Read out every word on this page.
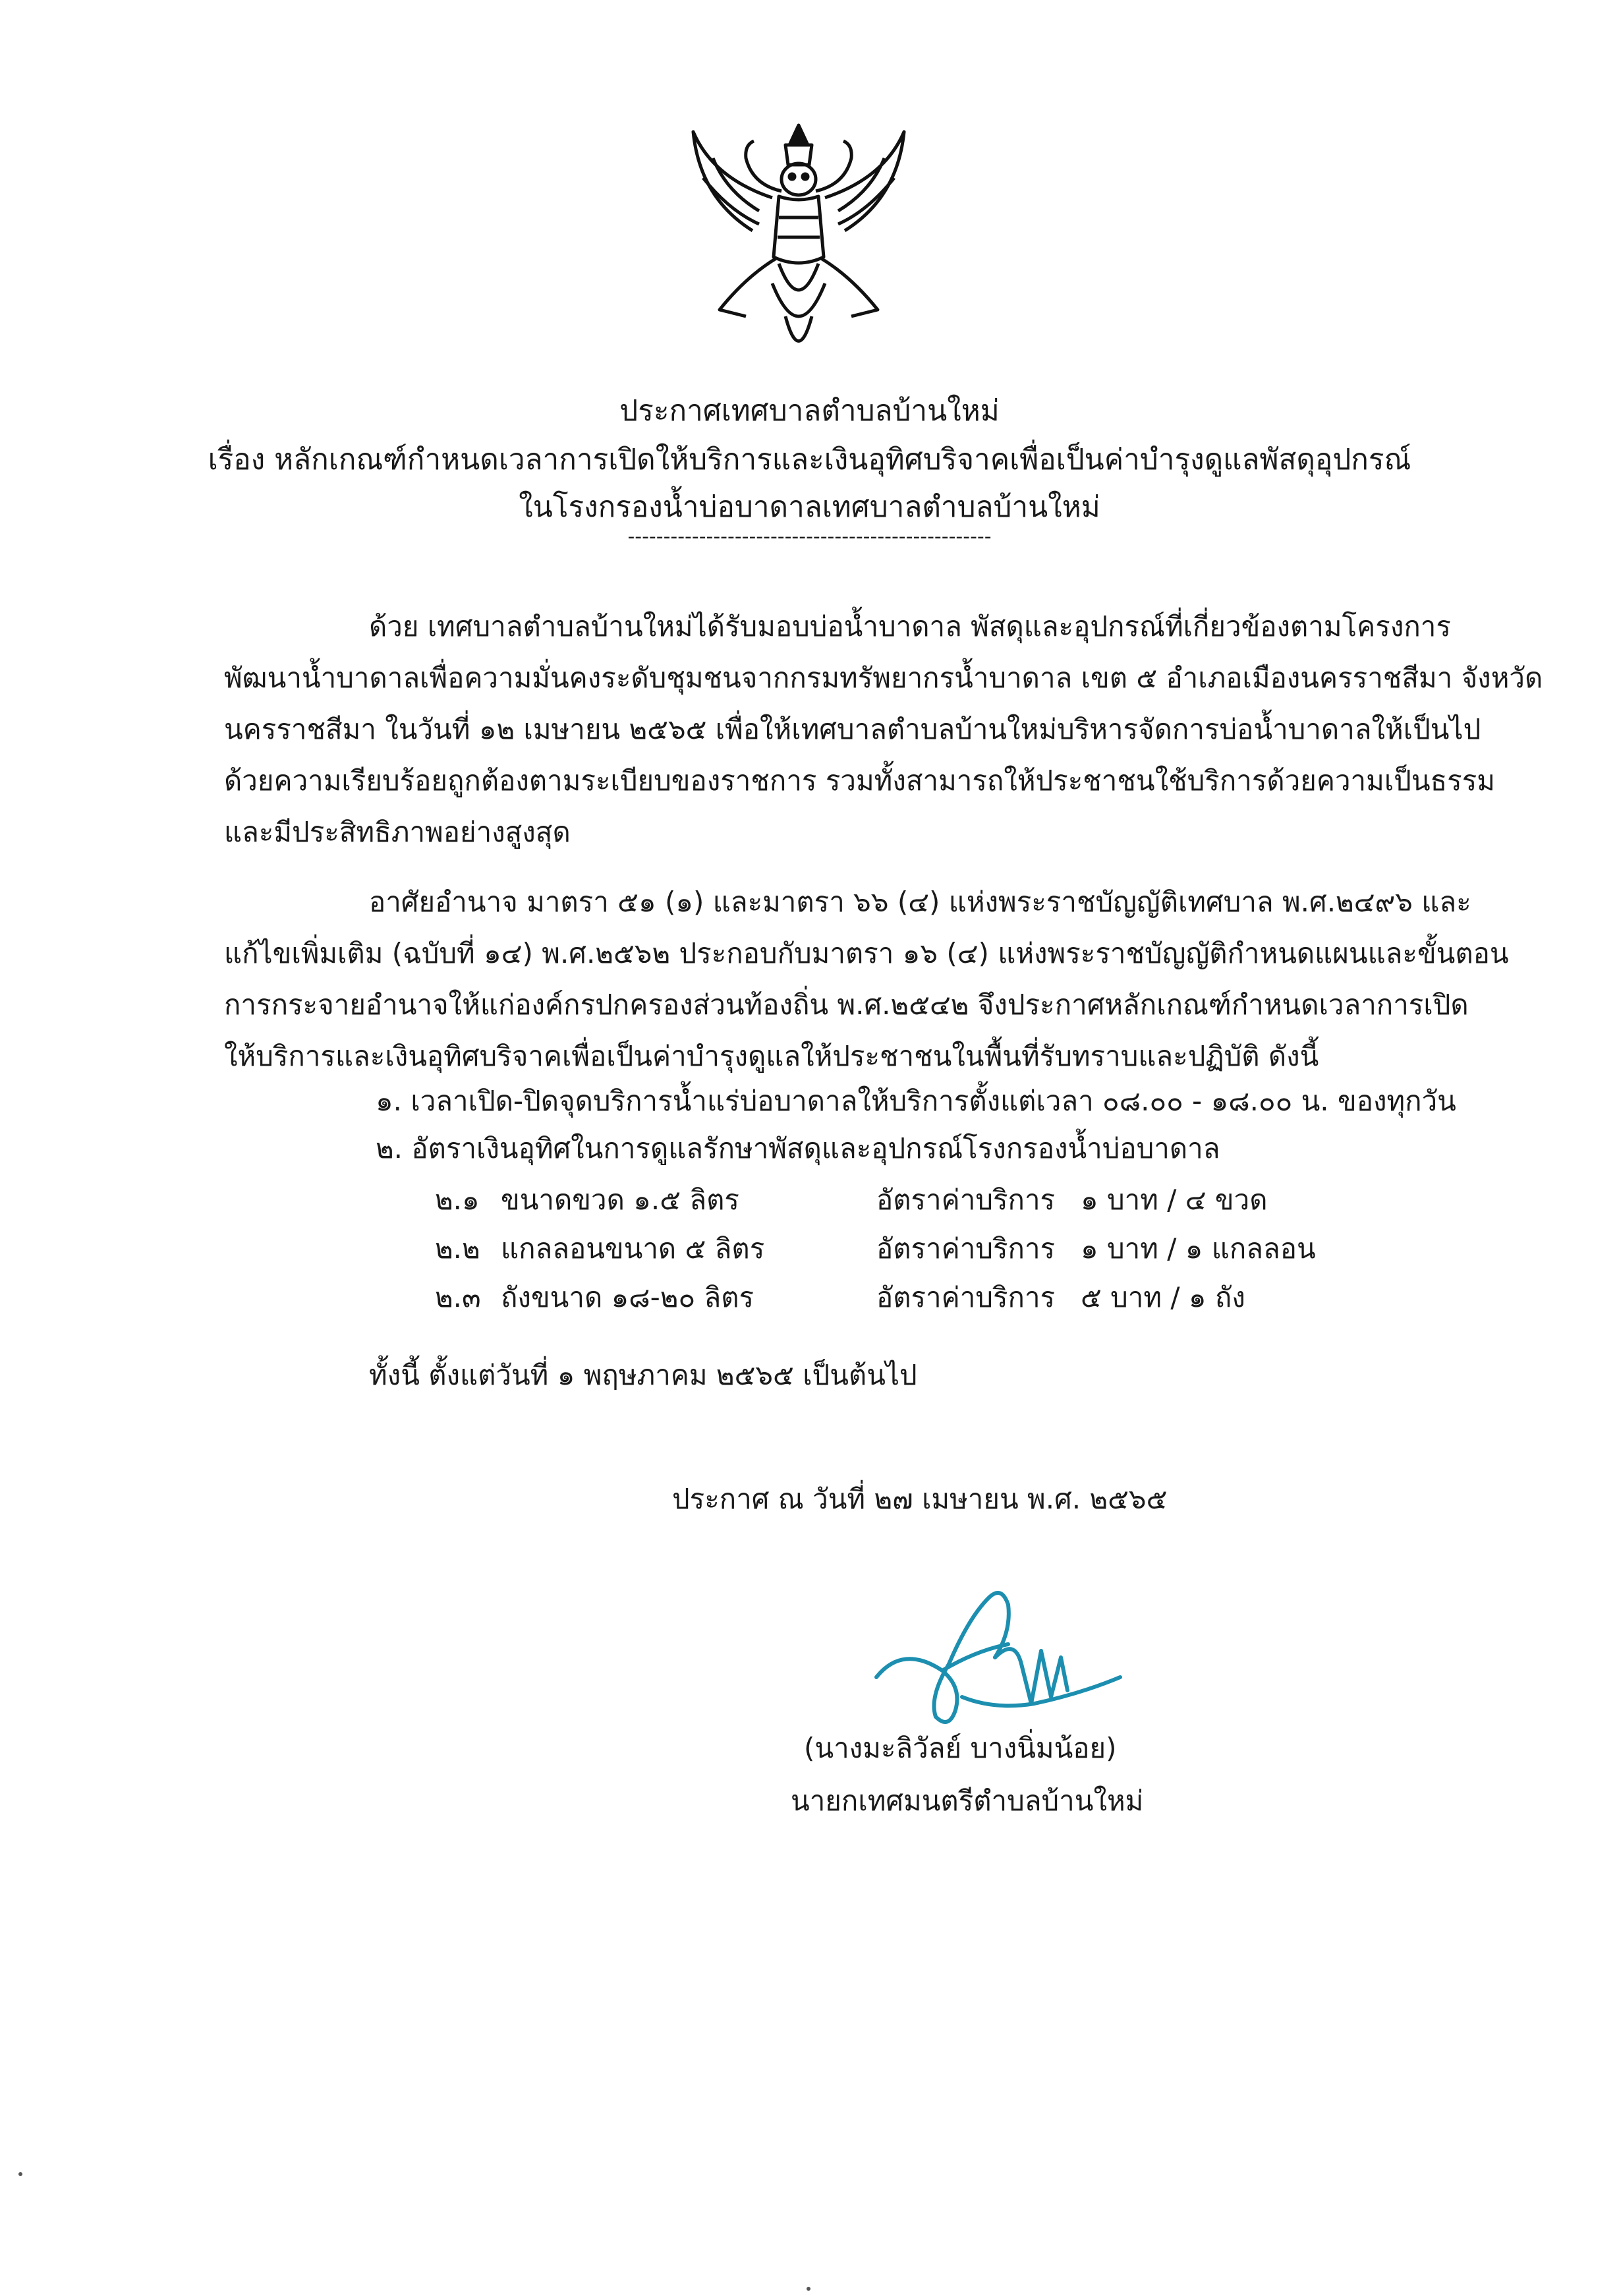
ประกาศเทศบาลตำบลบ้านใหม่
เรื่อง หลักเกณฑ์กำหนดเวลาการเปิดให้บริการและเงินอุทิศบริจาคเพื่อเป็นค่าบำรุงดูแลพัสดุอุปกรณ์
ในโรงกรองน้ำบ่อบาดาลเทศบาลตำบลบ้านใหม่
---------------------------------------------------
ด้วย เทศบาลตำบลบ้านใหม่ได้รับมอบบ่อน้ำบาดาล พัสดุและอุปกรณ์ที่เกี่ยวข้องตามโครงการ
พัฒนาน้ำบาดาลเพื่อความมั่นคงระดับชุมชนจากกรมทรัพยากรน้ำบาดาล เขต ๕ อำเภอเมืองนครราชสีมา จังหวัด
นครราชสีมา ในวันที่ ๑๒ เมษายน ๒๕๖๕ เพื่อให้เทศบาลตำบลบ้านใหม่บริหารจัดการบ่อน้ำบาดาลให้เป็นไป
ด้วยความเรียบร้อยถูกต้องตามระเบียบของราชการ รวมทั้งสามารถให้ประชาชนใช้บริการด้วยความเป็นธรรม
และมีประสิทธิภาพอย่างสูงสุด
อาศัยอำนาจ มาตรา ๕๑ (๑) และมาตรา ๖๖ (๔) แห่งพระราชบัญญัติเทศบาล พ.ศ.๒๔๙๖ และ
แก้ไขเพิ่มเติม (ฉบับที่ ๑๔) พ.ศ.๒๕๖๒ ประกอบกับมาตรา ๑๖ (๔) แห่งพระราชบัญญัติกำหนดแผนและขั้นตอน
การกระจายอำนาจให้แก่องค์กรปกครองส่วนท้องถิ่น พ.ศ.๒๕๔๒ จึงประกาศหลักเกณฑ์กำหนดเวลาการเปิด
ให้บริการและเงินอุทิศบริจาคเพื่อเป็นค่าบำรุงดูแลให้ประชาชนในพื้นที่รับทราบและปฏิบัติ ดังนี้
๑. เวลาเปิด-ปิดจุดบริการน้ำแร่บ่อบาดาลให้บริการตั้งแต่เวลา ๐๘.๐๐ - ๑๘.๐๐ น. ของทุกวัน
๒. อัตราเงินอุทิศในการดูแลรักษาพัสดุและอุปกรณ์โรงกรองน้ำบ่อบาดาล
๒.๑ ขนาดขวด ๑.๕ ลิตร	อัตราค่าบริการ ๑ บาท / ๔ ขวด
๒.๒ แกลลอนขนาด ๕ ลิตร	อัตราค่าบริการ ๑ บาท / ๑ แกลลอน
๒.๓ ถังขนาด ๑๘-๒๐ ลิตร	อัตราค่าบริการ ๕ บาท / ๑ ถัง
ทั้งนี้ ตั้งแต่วันที่ ๑ พฤษภาคม ๒๕๖๕ เป็นต้นไป
ประกาศ ณ วันที่ ๒๗ เมษายน พ.ศ. ๒๕๖๕
(นางมะลิวัลย์ บางนิ่มน้อย)
นายกเทศมนตรีตำบลบ้านใหม่
